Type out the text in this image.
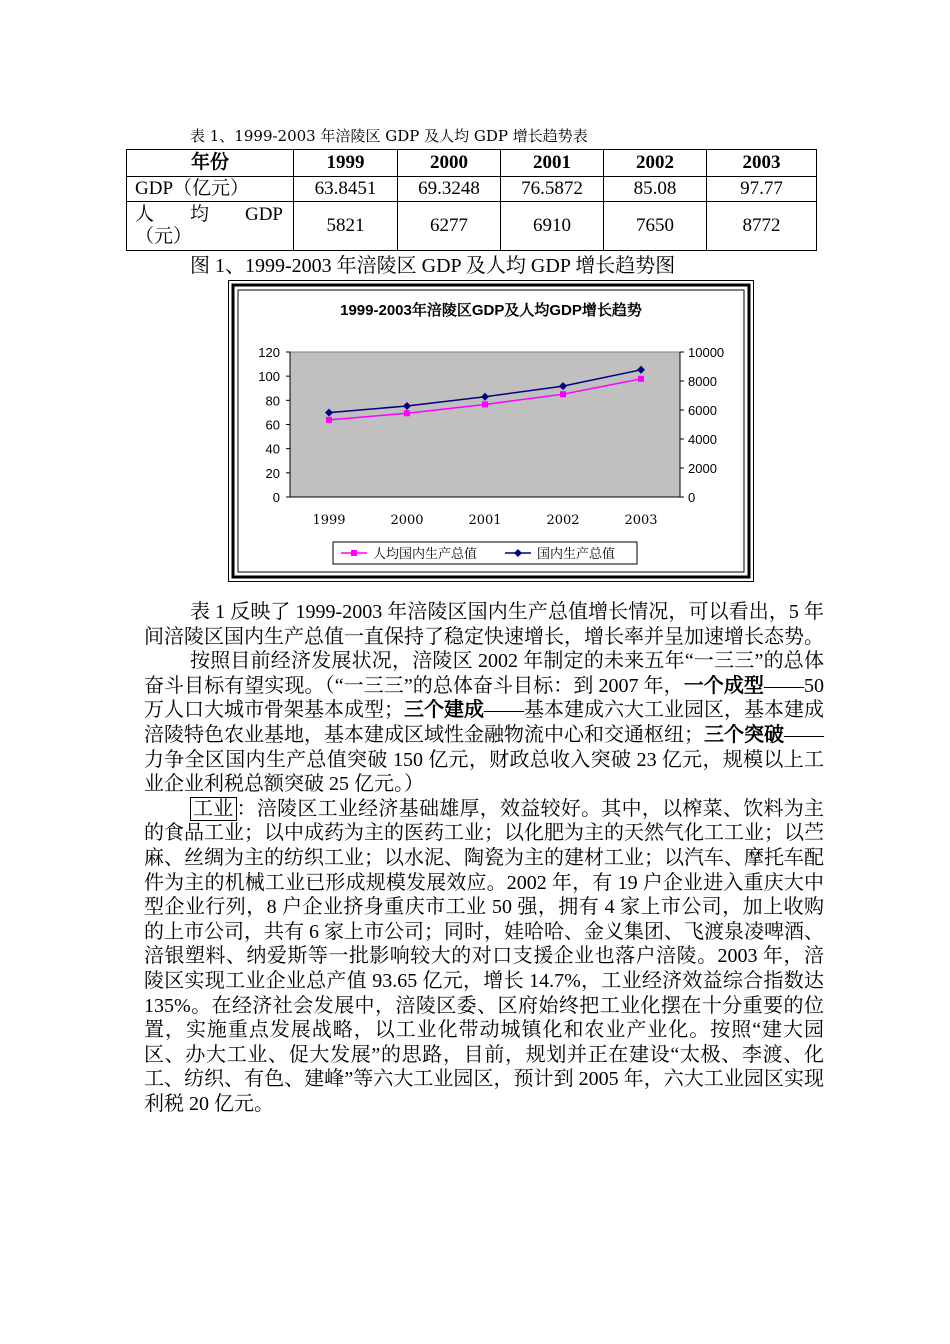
表 1、1999-2003 年涪陵区 GDP 及人均 GDP 增长趋势表
年份	1999	2000	2001	2002	2003
GDP（亿元）	63.8451	69.3248	76.5872	85.08	97.77

人 均 GDP
（元）	5821	6277	6910	7650	8772
图 1、1999-2003 年涪陵区 GDP 及人均 GDP 增长趋势图
1999-2003年涪陵区GDP及人均GDP增长趋势
120
100
80
60
40
20
0
10000
8000
6000
4000
2000
0
1999	2000	2001	2002	2003
人均国内生产总值	国内生产总值

表 1 反映了 1999-2003 年涪陵区国内生产总值增长情况，可以看出，5 年间涪陵区国内生产总值一直保持了稳定快速增长，增长率并呈加速增长态势。

按照目前经济发展状况，涪陵区 2002 年制定的未来五年“一三三”的总体奋斗目标有望实现。（“一三三”的总体奋斗目标：到 2007 年，一个成型——50 万人口大城市骨架基本成型；三个建成——基本建成六大工业园区，基本建成涪陵特色农业基地，基本建成区域性金融物流中心和交通枢纽；三个突破——力争全区国内生产总值突破 150 亿元，财政总收入突破 23 亿元，规模以上工业企业利税总额突破 25 亿元。）

工业 ：涪陵区工业经济基础雄厚，效益较好。其中，以榨菜、饮料为主的食品工业；以中成药为主的医药工业；以化肥为主的天然气化工工业；以苎麻、丝绸为主的纺织工业；以水泥、陶瓷为主的建材工业；以汽车、摩托车配件为主的机械工业已形成规模发展效应。2002 年，有 19 户企业进入重庆大中型企业行列，8 户企业挤身重庆市工业 50 强，拥有 4 家上市公司，加上收购的上市公司，共有 6 家上市公司；同时，娃哈哈、金义集团、飞渡泉凌啤酒、涪银塑料、纳爱斯等一批影响较大的对口支援企业也落户涪陵。2003 年，涪陵区实现工业企业总产值 93.65 亿元，增长 14.7%，工业经济效益综合指数达 135%。在经济社会发展中，涪陵区委、区府始终把工业化摆在十分重要的位置，实施重点发展战略，以工业化带动城镇化和农业产业化。按照“建大园区、办大工业、促大发展”的思路，目前，规划并正在建设“太极、李渡、化工、纺织、有色、建峰”等六大工业园区，预计到 2005 年，六大工业园区实现利税 20 亿元。
